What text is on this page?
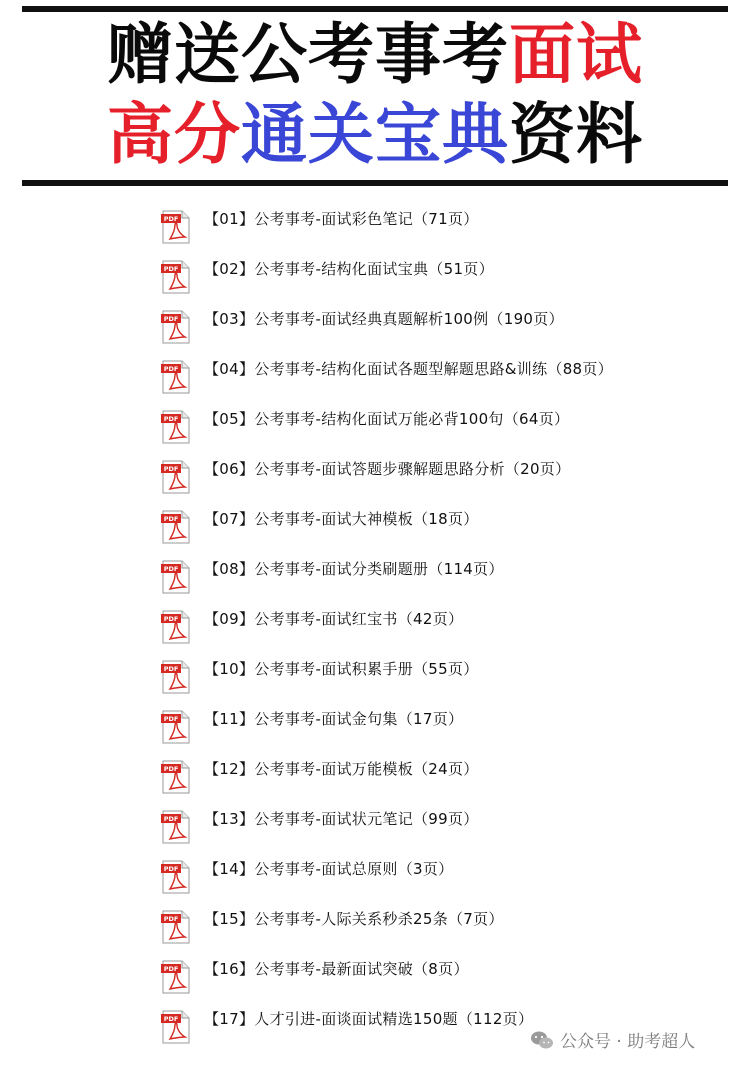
赠送公考事考面试
高分通关宝典资料
PDF 【01】公考事考-面试彩色笔记（71页）
PDF 【02】公考事考-结构化面试宝典（51页）
PDF 【03】公考事考-面试经典真题解析100例（190页）
PDF 【04】公考事考-结构化面试各题型解题思路&训练（88页）
PDF 【05】公考事考-结构化面试万能必背100句（64页）
PDF 【06】公考事考-面试答题步骤解题思路分析（20页）
PDF 【07】公考事考-面试大神模板（18页）
PDF 【08】公考事考-面试分类刷题册（114页）
PDF 【09】公考事考-面试红宝书（42页）
PDF 【10】公考事考-面试积累手册（55页）
PDF 【11】公考事考-面试金句集（17页）
PDF 【12】公考事考-面试万能模板（24页）
PDF 【13】公考事考-面试状元笔记（99页）
PDF 【14】公考事考-面试总原则（3页）
PDF 【15】公考事考-人际关系秒杀25条（7页）
PDF 【16】公考事考-最新面试突破（8页）
PDF 【17】人才引进-面谈面试精选150题（112页）
公众号 · 助考超人
